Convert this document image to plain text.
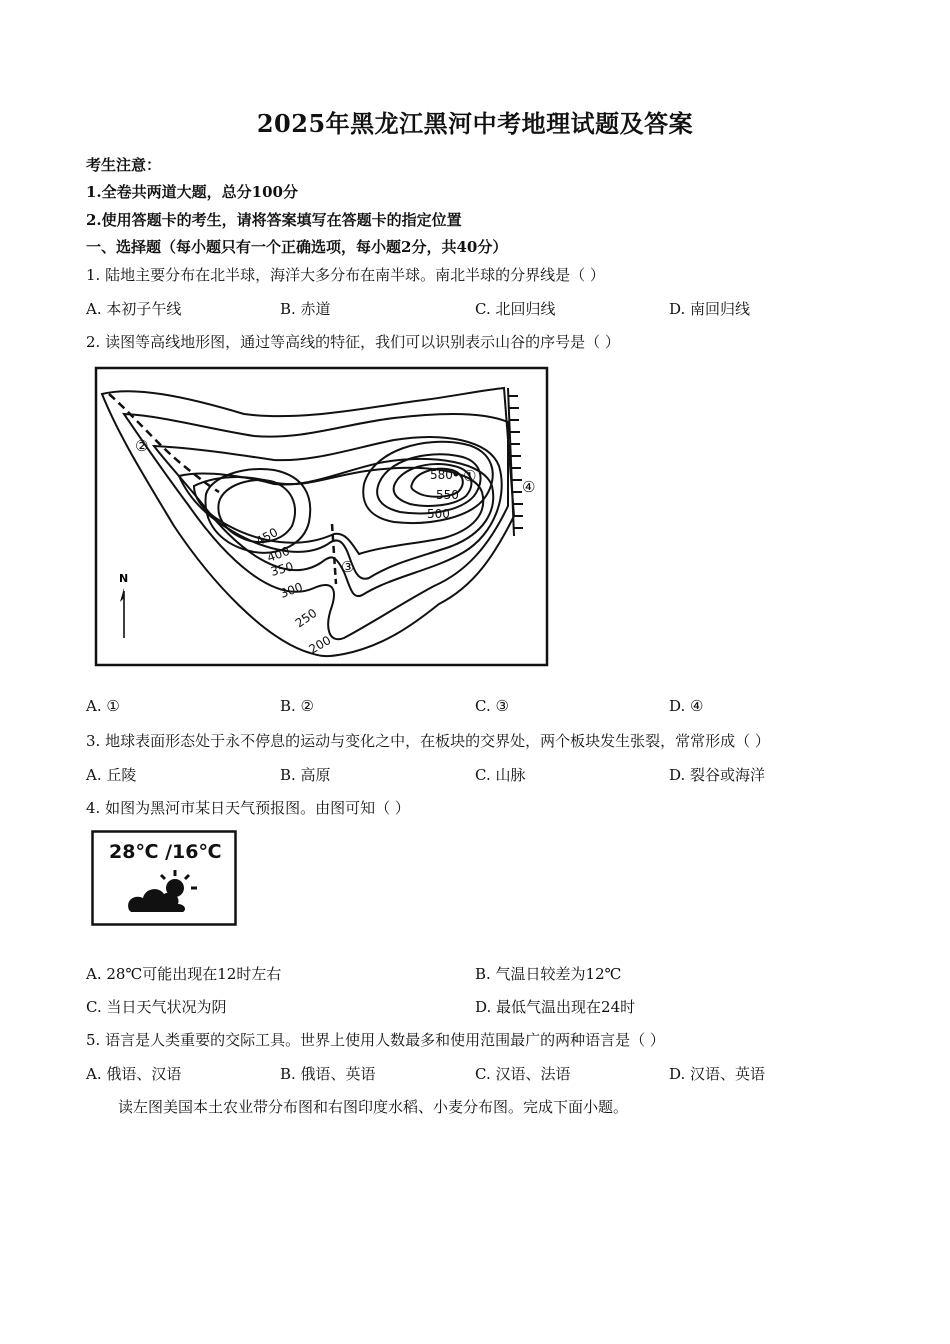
2025年黑龙江黑河中考地理试题及答案
考生注意：
1.全卷共两道大题，总分100分
2.使用答题卡的考生，请将答案填写在答题卡的指定位置
一、选择题（每小题只有一个正确选项，每小题2分，共40分）
1. 陆地主要分布在北半球，海洋大多分布在南半球。南北半球的分界线是（ ）
A. 本初子午线	B. 赤道	C. 北回归线	D. 南回归线
2. 读图等高线地形图，通过等高线的特征，我们可以识别表示山谷的序号是（ ）
N
580
550
500
450
400
350
300
250
200
①
②
③
④
A. ①	B. ②	C. ③	D. ④
3. 地球表面形态处于永不停息的运动与变化之中，在板块的交界处，两个板块发生张裂，常常形成（ ）
A. 丘陵	B. 高原	C. 山脉	D. 裂谷或海洋
4. 如图为黑河市某日天气预报图。由图可知（ ）
28℃ /16℃
A. 28℃可能出现在12时左右	B. 气温日较差为12℃
C. 当日天气状况为阴	D. 最低气温出现在24时
5. 语言是人类重要的交际工具。世界上使用人数最多和使用范围最广的两种语言是（ ）
A. 俄语、汉语	B. 俄语、英语	C. 汉语、法语	D. 汉语、英语
读左图美国本土农业带分布图和右图印度水稻、小麦分布图。完成下面小题。
